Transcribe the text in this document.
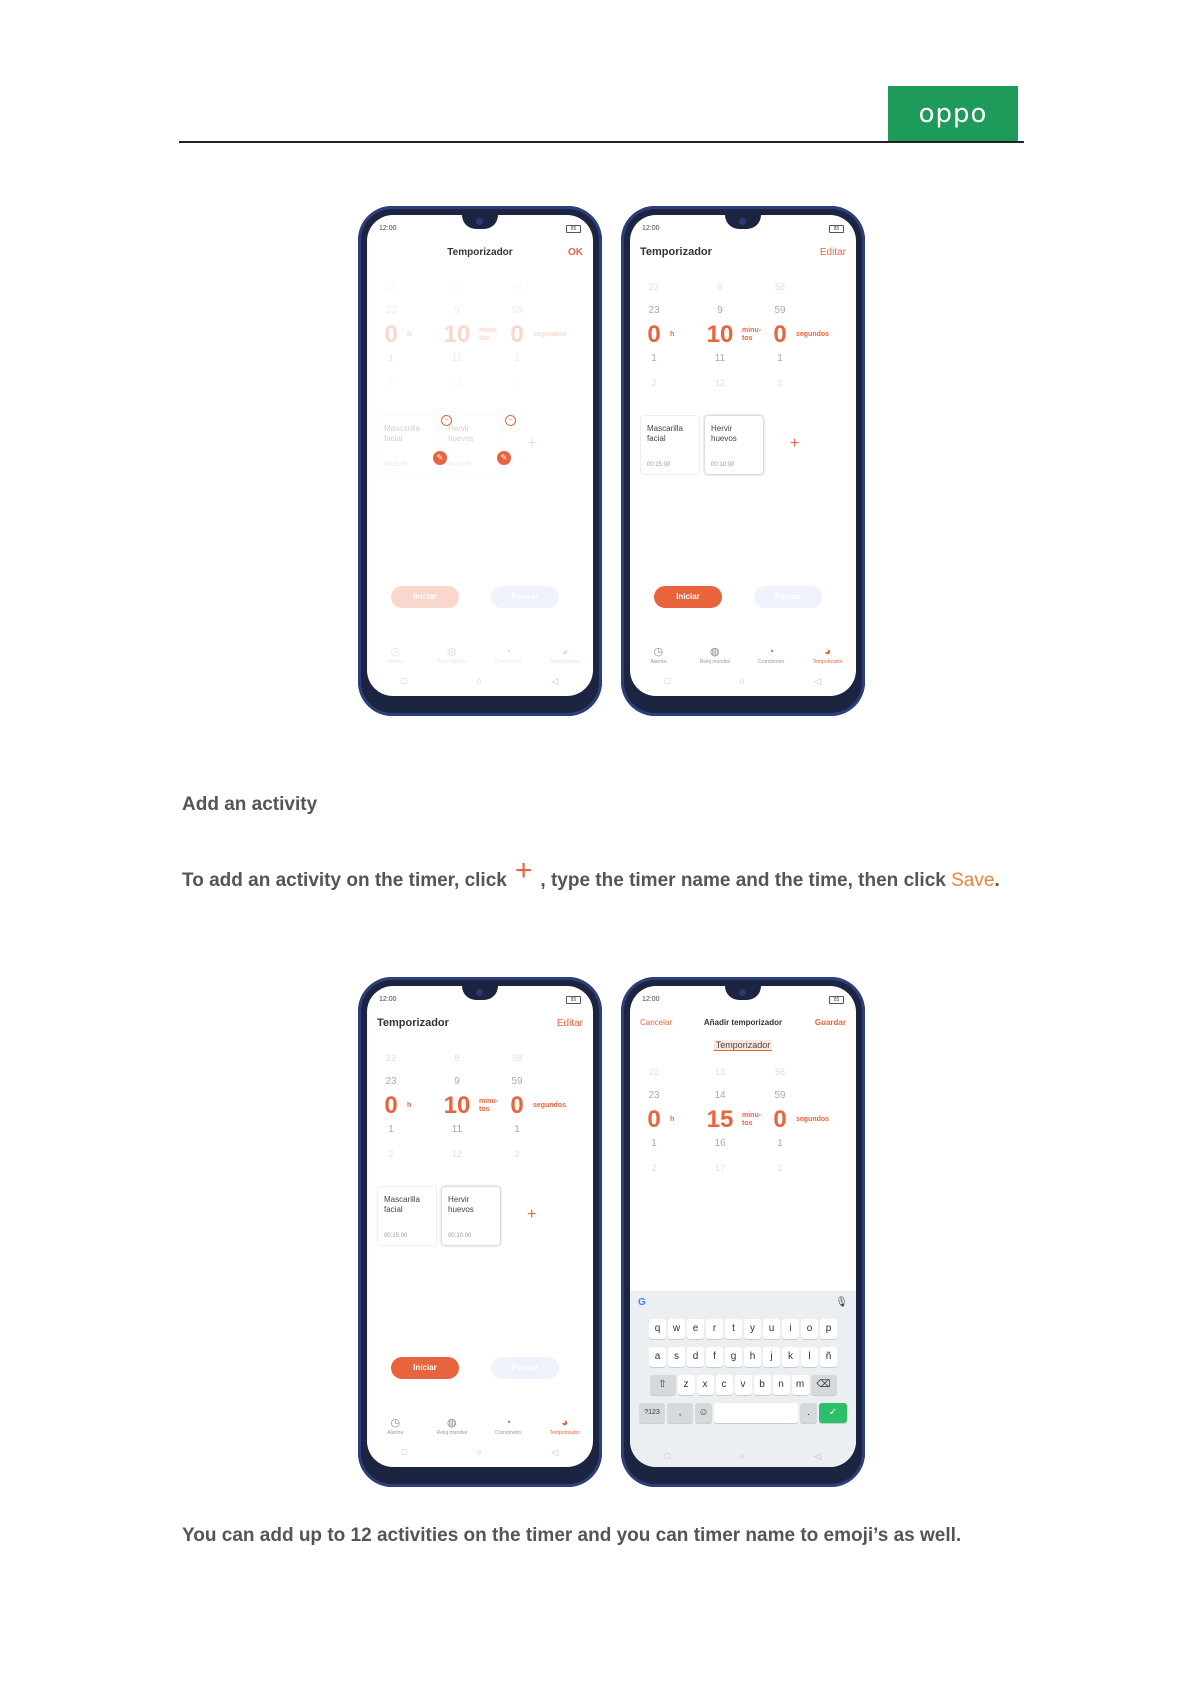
oppo
12:00	85
Temporizador	OK
22
23
0
1
2
8
9
10
11
12
58
59
0
1
2
h
minu-
tos
segundos
Mascarilla
facial
00:15:00
Hervir
huevos
00:10:00
+
✎	✎
−	−
Iniciar	Pausar
◷
Alarma
◍
Reloj mundial
◔
Cronómetro
◕
Temporizador
□	○	◁
12:00	85
Temporizador	Editar
22
23
0
1
2
8
9
10
11
12
58
59
0
1
2
h
minu-
tos
segundos
Mascarilla
facial
00:15:00
Hervir
huevos
00:10:00
+
Iniciar	Pausar
◷
Alarma
◍
Reloj mundial
◔
Cronómetro
◕
Temporizador
□	○	◁
Add an activity
To add an activity on the timer, click + , type the timer name and the time, then click Save.
12:00	85
Temporizador	Editar
22
23
0
1
2
8
9
10
11
12
58
59
0
1
2
h
minu-
tos
segundos
Mascarilla
facial
00:15:00
Hervir
huevos
00:10:00
+
Iniciar	Pausar
◷
Alarma
◍
Reloj mundial
◔
Cronómetro
◕
Temporizador
□	○	◁
12:00	85
Cancelar	Añadir temporizador	Guardar
Temporizador
22
23
0
1
2
13
14
15
16
17
58
59
0
1
2
h
minu-
tos
segundos
G	🎙
q	w	e	r	t	y	u	i	o	p
a	s	d	f	g	h	j	k	l	ñ
⇧	z	x	c	v	b	n	m	⌫
?123	,	☺	.	✓
□	○	◁
You can add up to 12 activities on the timer and you can timer name to emoji’s as well.
